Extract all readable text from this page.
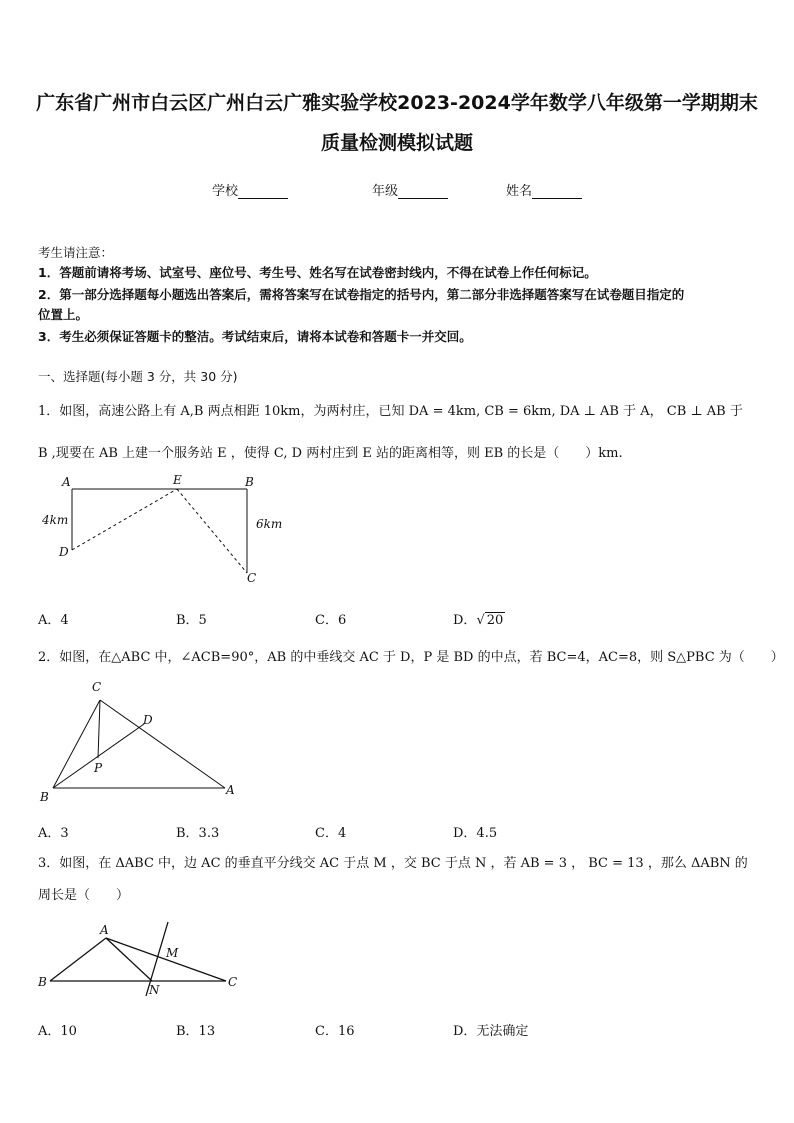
广东省广州市白云区广州白云广雅实验学校2023-2024学年数学八年级第一学期期末
质量检测模拟试题
学校	年级	姓名
考生请注意：
1．答题前请将考场、试室号、座位号、考生号、姓名写在试卷密封线内，不得在试卷上作任何标记。
2．第一部分选择题每小题选出答案后，需将答案写在试卷指定的括号内，第二部分非选择题答案写在试卷题目指定的
位置上。
3．考生必须保证答题卡的整洁。考试结束后，请将本试卷和答题卡一并交回。
一、选择题(每小题 3 分，共 30 分)
1．如图，高速公路上有 A,B 两点相距 10km，为两村庄，已知 DA = 4km, CB = 6km, DA ⊥ AB 于 A， CB ⊥ AB 于
B ,现要在 AB 上建一个服务站 E ，使得 C, D 两村庄到 E 站的距离相等，则 EB 的长是（　　）km.
A	E	B
D
C
4km	6km
A．4	B．5	C．6	D．√ 20
2．如图，在△ABC 中，∠ACB=90°，AB 的中垂线交 AC 于 D，P 是 BD 的中点，若 BC=4，AC=8，则 S△PBC 为（　　）
C
D
P
B	A
A．3	B．3.3	C．4	D．4.5
3．如图，在 ΔABC 中，边 AC 的垂直平分线交 AC 于点 M ，交 BC 于点 N ，若 AB = 3 ， BC = 13 ，那么 ΔABN 的
周长是（　　）
A
M
B
N
C
A．10	B．13	C．16	D．无法确定
